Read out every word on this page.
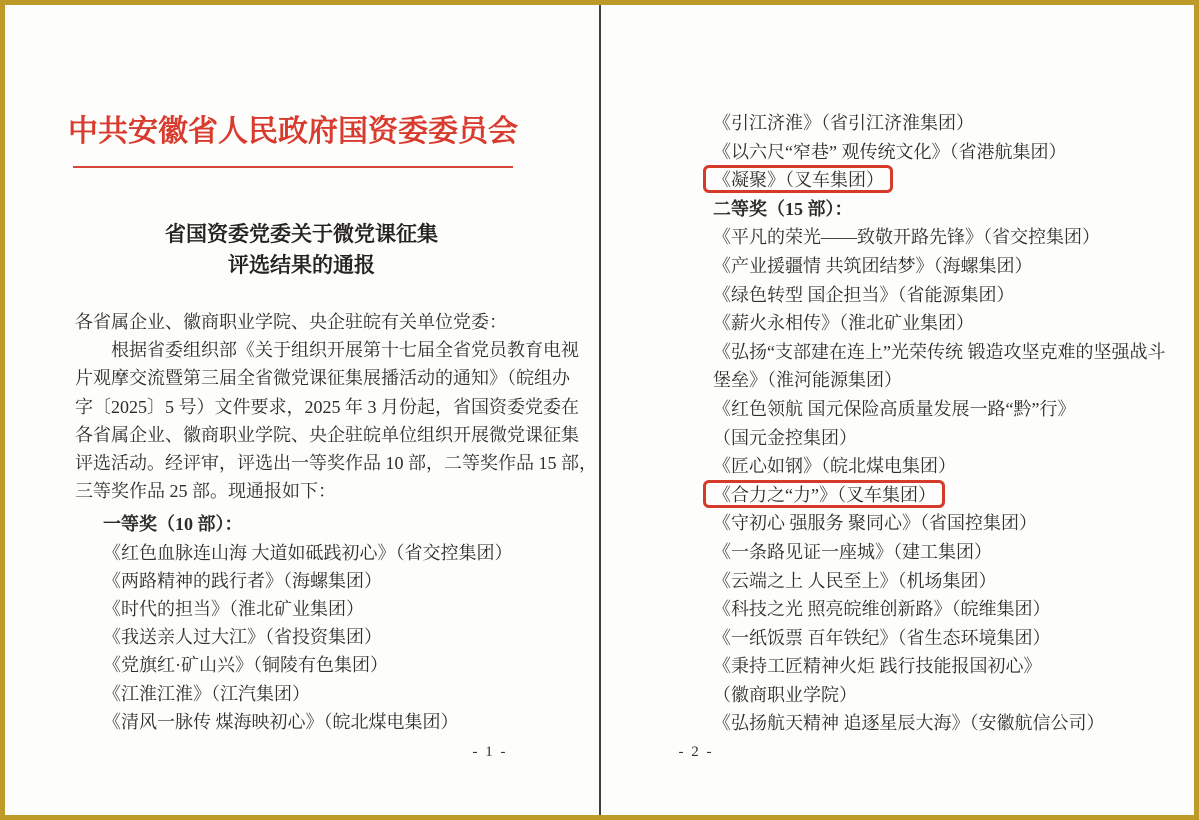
中共安徽省人民政府国资委委员会
省国资委党委关于微党课征集
评选结果的通报
各省属企业、徽商职业学院、央企驻皖有关单位党委：
根据省委组织部《关于组织开展第十七届全省党员教育电视
片观摩交流暨第三届全省微党课征集展播活动的通知》（皖组办
字〔2025〕5 号）文件要求，2025 年 3 月份起，省国资委党委在
各省属企业、徽商职业学院、央企驻皖单位组织开展微党课征集
评选活动。经评审，评选出一等奖作品 10 部，二等奖作品 15 部，
三等奖作品 25 部。现通报如下：
一等奖（10 部）：
《红色血脉连山海 大道如砥践初心》（省交控集团）
《两路精神的践行者》（海螺集团）
《时代的担当》（淮北矿业集团）
《我送亲人过大江》（省投资集团）
《党旗红·矿山兴》（铜陵有色集团）
《江淮江淮》（江汽集团）
《清风一脉传 煤海映初心》（皖北煤电集团）
- 1 -
《引江济淮》（省引江济淮集团）
《以六尺“窄巷” 观传统文化》（省港航集团）
《凝聚》（叉车集团）
二等奖（15 部）：
《平凡的荣光——致敬开路先锋》（省交控集团）
《产业援疆情 共筑团结梦》（海螺集团）
《绿色转型 国企担当》（省能源集团）
《薪火永相传》（淮北矿业集团）
《弘扬“支部建在连上”光荣传统 锻造攻坚克难的坚强战斗
堡垒》（淮河能源集团）
《红色领航 国元保险高质量发展一路“黔”行》
（国元金控集团）
《匠心如钢》（皖北煤电集团）
《合力之“力”》（叉车集团）
《守初心 强服务 聚同心》（省国控集团）
《一条路见证一座城》（建工集团）
《云端之上 人民至上》（机场集团）
《科技之光 照亮皖维创新路》（皖维集团）
《一纸饭票 百年铁纪》（省生态环境集团）
《秉持工匠精神火炬 践行技能报国初心》
（徽商职业学院）
《弘扬航天精神 追逐星辰大海》（安徽航信公司）
- 2 -
